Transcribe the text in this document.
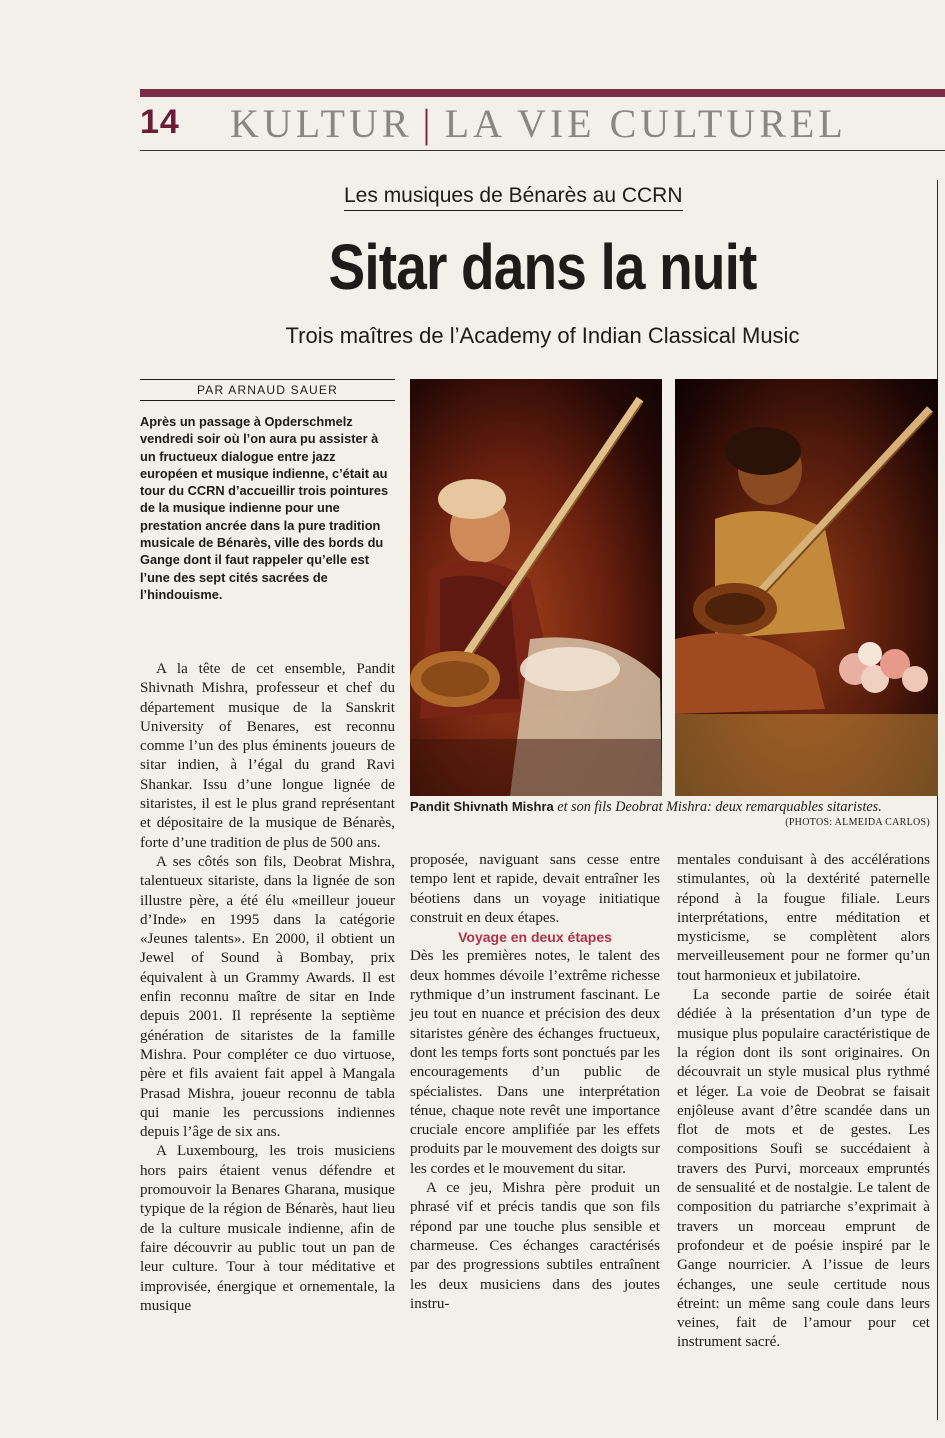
14 KULTUR | LA VIE CULTUREL
Les musiques de Bénarès au CCRN
Sitar dans la nuit
Trois maîtres de l’Academy of Indian Classical Music
PAR ARNAUD SAUER

Après un passage à Opderschmelz vendredi soir où l’on aura pu assister à un fructueux dialogue entre jazz européen et musique indienne, c’était au tour du CCRN d’accueillir trois pointures de la musique indienne pour une prestation ancrée dans la pure tradition musicale de Bénarès, ville des bords du Gange dont il faut rappeler qu’elle est l’une des sept cités sacrées de l’hindouisme.

A la tête de cet ensemble, Pandit Shivnath Mishra, professeur et chef du département musique de la Sanskrit University of Benares, est reconnu comme l’un des plus éminents joueurs de sitar indien, à l’égal du grand Ravi Shankar. Issu d’une longue lignée de sitaristes, il est le plus grand représentant et dépositaire de la musique de Bénarès, forte d’une tradition de plus de 500 ans.

A ses côtés son fils, Deobrat Mishra, talentueux sitariste, dans la lignée de son illustre père, a été élu «meilleur joueur d’Inde» en 1995 dans la catégorie «Jeunes talents». En 2000, il obtient un Jewel of Sound à Bombay, prix équivalent à un Grammy Awards. Il est enfin reconnu maître de sitar en Inde depuis 2001. Il représente la septième génération de sitaristes de la famille Mishra. Pour compléter ce duo virtuose, père et fils avaient fait appel à Mangala Prasad Mishra, joueur reconnu de tabla qui manie les percussions indiennes depuis l’âge de six ans.

A Luxembourg, les trois musiciens hors pairs étaient venus défendre et promouvoir la Benares Gharana, musique typique de la région de Bénarès, haut lieu de la culture musicale indienne, afin de faire découvrir au public tout un pan de leur culture. Tour à tour méditative et improvisée, énergique et ornementale, la musique

Pandit Shivnath Mishra et son fils Deobrat Mishra: deux remarquables sitaristes.
(PHOTOS: ALMEIDA CARLOS)

proposée, naviguant sans cesse entre tempo lent et rapide, devait entraîner les béotiens dans un voyage initiatique construit en deux étapes.

Voyage en deux étapes

Dès les premières notes, le talent des deux hommes dévoile l’extrême richesse rythmique d’un instrument fascinant. Le jeu tout en nuance et précision des deux sitaristes génère des échanges fructueux, dont les temps forts sont ponctués par les encouragements d’un public de spécialistes. Dans une interprétation ténue, chaque note revêt une importance cruciale encore amplifiée par les effets produits par le mouvement des doigts sur les cordes et le mouvement du sitar.

A ce jeu, Mishra père produit un phrasé vif et précis tandis que son fils répond par une touche plus sensible et charmeuse. Ces échanges caractérisés par des progressions subtiles entraînent les deux musiciens dans des joutes instru-

mentales conduisant à des accélérations stimulantes, où la dextérité paternelle répond à la fougue filiale. Leurs interprétations, entre méditation et mysticisme, se complètent alors merveilleusement pour ne former qu’un tout harmonieux et jubilatoire.

La seconde partie de soirée était dédiée à la présentation d’un type de musique plus populaire caractéristique de la région dont ils sont originaires. On découvrait un style musical plus rythmé et léger. La voie de Deobrat se faisait enjôleuse avant d’être scandée dans un flot de mots et de gestes. Les compositions Soufi se succédaient à travers des Purvi, morceaux empruntés de sensualité et de nostalgie. Le talent de composition du patriarche s’exprimait à travers un morceau emprunt de profondeur et de poésie inspiré par le Gange nourricier. A l’issue de leurs échanges, une seule certitude nous étreint: un même sang coule dans leurs veines, fait de l’amour pour cet instrument sacré.
